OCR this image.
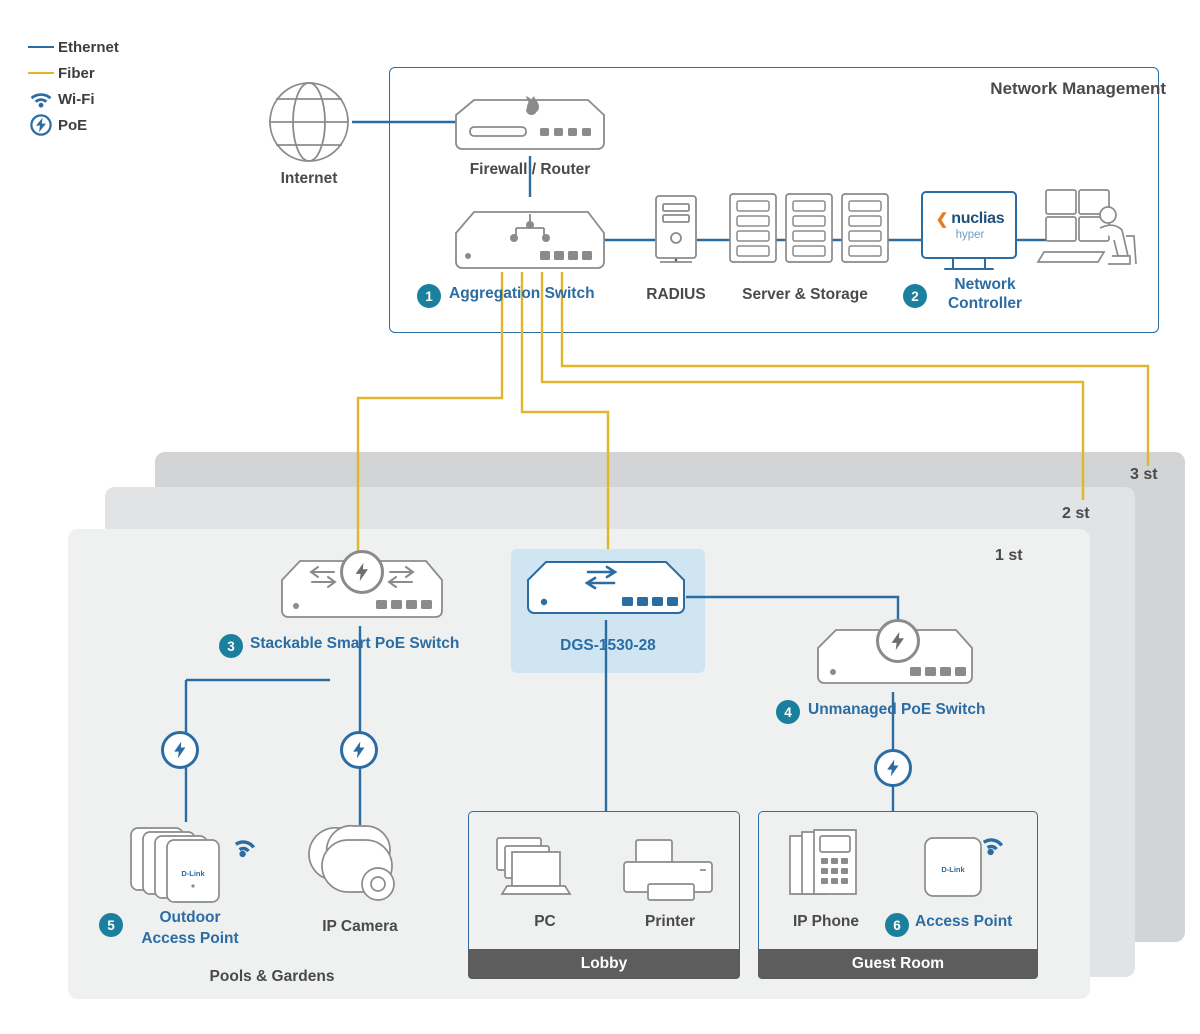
3 st
2 st
1 st
Network Management
Lobby	Guest Room
Pools & Gardens
Internet
Firewall / Router
1	Aggregation Switch	RADIUS	Server & Storage
❮ nuclias
hyper
2
Network
Controller
3 Stackable Smart PoE Switch	DGS-1530-28
4	Unmanaged PoE Switch
D-Link
5	Outdoor
Access Point
IP Camera	PC	Printer	IP Phone
D-Link
6 Access Point
Ethernet
Fiber
Wi-Fi
PoE
